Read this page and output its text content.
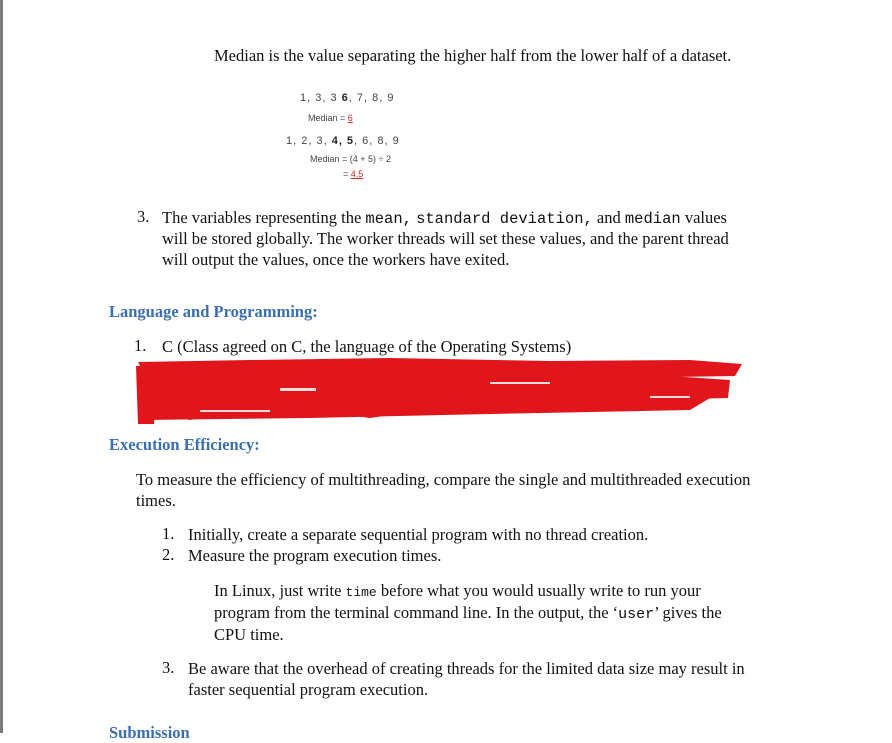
Median is the value separating the higher half from the lower half of a dataset.
1, 3, 3 6, 7, 8, 9
Median = 6
1, 2, 3, 4, 5, 6, 8, 9
Median = (4 + 5) ÷ 2
= 4.5
3. The variables representing the mean, standard deviation, and median values
will be stored globally. The worker threads will set these values, and the parent thread
will output the values, once the workers have exited.
Language and Programming:
1. C (Class agreed on C, the language of the Operating Systems)
Execution Efficiency:
To measure the efficiency of multithreading, compare the single and multithreaded execution
times.
1. Initially, create a separate sequential program with no thread creation.
2. Measure the program execution times.
In Linux, just write time before what you would usually write to run your
program from the terminal command line. In the output, the ‘user’ gives the
CPU time.
3. Be aware that the overhead of creating threads for the limited data size may result in
faster sequential program execution.
Submission
